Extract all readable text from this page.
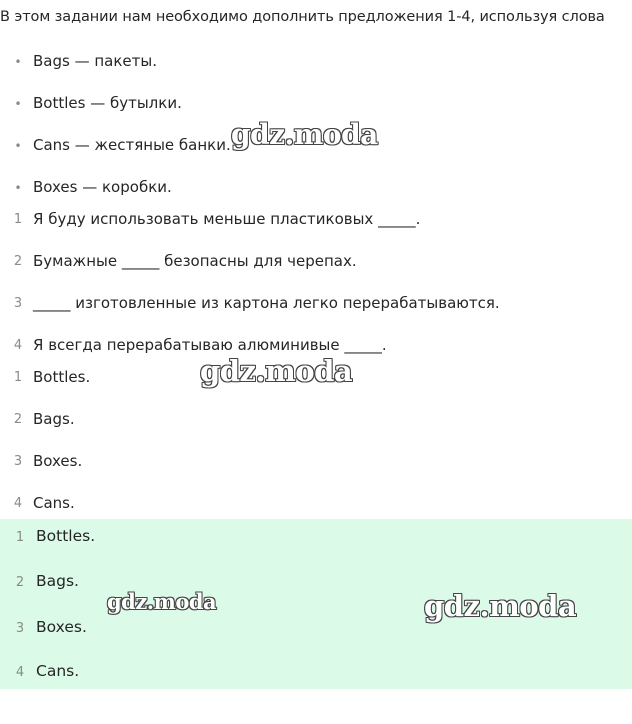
В этом задании нам необходимо дополнить предложения 1-4, используя слова
• Bags — пакеты.
• Bottles — бутылки.
• Cans — жестяные банки.
• Boxes — коробки.
1 Я буду использовать меньше пластиковых _____.
2 Бумажные _____ безопасны для черепах.
3 _____ изготовленные из картона легко перерабатываются.
4 Я всегда перерабатываю алюминивые _____.
1 Bottles.
2 Bags.
3 Boxes.
4 Cans.
1 Bottles.
2 Bags.
3 Boxes.
4 Cans.
gdz.moda
gdz.moda
gdz.moda	gdz.moda
